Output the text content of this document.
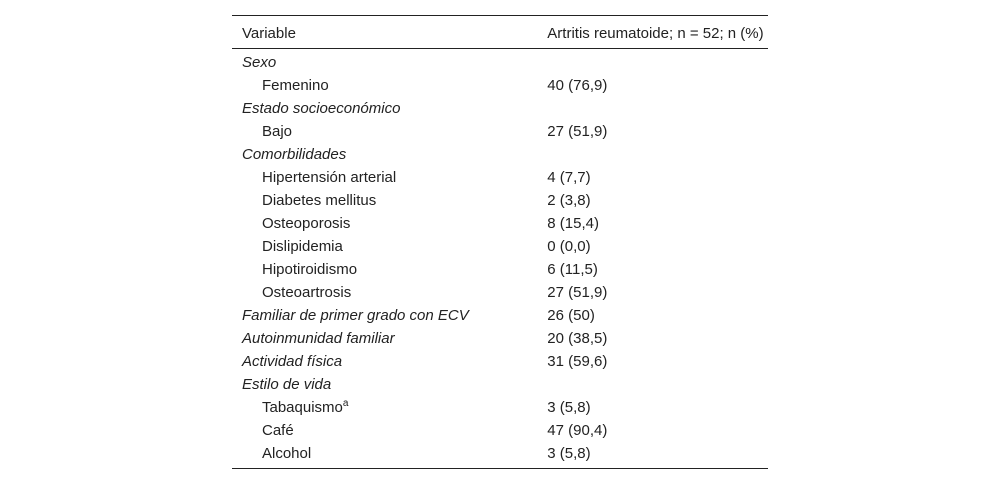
Variable	Artritis reumatoide; n = 52; n (%)
Sexo	
Femenino	40 (76,9)
Estado socioeconómico	
Bajo	27 (51,9)
Comorbilidades	
Hipertensión arterial	4 (7,7)
Diabetes mellitus	2 (3,8)
Osteoporosis	8 (15,4)
Dislipidemia	0 (0,0)
Hipotiroidismo	6 (11,5)
Osteoartrosis	27 (51,9)
Familiar de primer grado con ECV	26 (50)
Autoinmunidad familiar	20 (38,5)
Actividad física	31 (59,6)
Estilo de vida	
Tabaquismo$^a$	3 (5,8)
Café	47 (90,4)
Alcohol	3 (5,8)
